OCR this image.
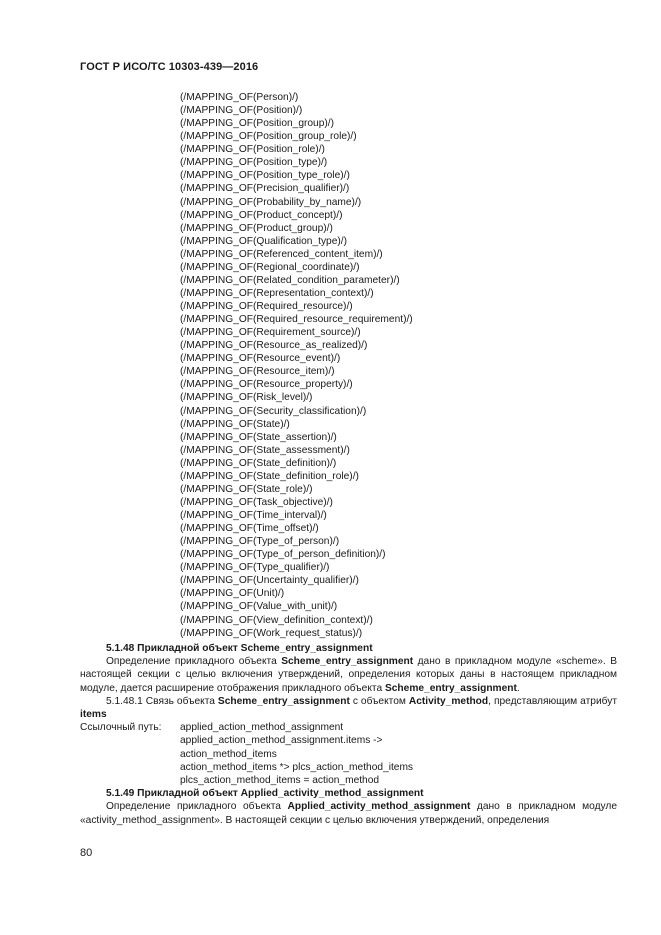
ГОСТ Р ИСО/ТС 10303-439—2016
(/MAPPING_OF(Person)/)
(/MAPPING_OF(Position)/)
(/MAPPING_OF(Position_group)/)
(/MAPPING_OF(Position_group_role)/)
(/MAPPING_OF(Position_role)/)
(/MAPPING_OF(Position_type)/)
(/MAPPING_OF(Position_type_role)/)
(/MAPPING_OF(Precision_qualifier)/)
(/MAPPING_OF(Probability_by_name)/)
(/MAPPING_OF(Product_concept)/)
(/MAPPING_OF(Product_group)/)
(/MAPPING_OF(Qualification_type)/)
(/MAPPING_OF(Referenced_content_item)/)
(/MAPPING_OF(Regional_coordinate)/)
(/MAPPING_OF(Related_condition_parameter)/)
(/MAPPING_OF(Representation_context)/)
(/MAPPING_OF(Required_resource)/)
(/MAPPING_OF(Required_resource_requirement)/)
(/MAPPING_OF(Requirement_source)/)
(/MAPPING_OF(Resource_as_realized)/)
(/MAPPING_OF(Resource_event)/)
(/MAPPING_OF(Resource_item)/)
(/MAPPING_OF(Resource_property)/)
(/MAPPING_OF(Risk_level)/)
(/MAPPING_OF(Security_classification)/)
(/MAPPING_OF(State)/)
(/MAPPING_OF(State_assertion)/)
(/MAPPING_OF(State_assessment)/)
(/MAPPING_OF(State_definition)/)
(/MAPPING_OF(State_definition_role)/)
(/MAPPING_OF(State_role)/)
(/MAPPING_OF(Task_objective)/)
(/MAPPING_OF(Time_interval)/)
(/MAPPING_OF(Time_offset)/)
(/MAPPING_OF(Type_of_person)/)
(/MAPPING_OF(Type_of_person_definition)/)
(/MAPPING_OF(Type_qualifier)/)
(/MAPPING_OF(Uncertainty_qualifier)/)
(/MAPPING_OF(Unit)/)
(/MAPPING_OF(Value_with_unit)/)
(/MAPPING_OF(View_definition_context)/)
(/MAPPING_OF(Work_request_status)/)

5.1.48 Прикладной объект Scheme_entry_assignment

Определение прикладного объекта Scheme_entry_assignment дано в прикладном модуле «scheme». В настоящей секции с целью включения утверждений, определения которых даны в настоящем прикладном модуле, дается расширение отображения прикладного объекта Scheme_entry_assignment.

5.1.48.1 Связь объекта Scheme_entry_assignment с объектом Activity_method, представляющим атрибут items

Ссылочный путь:	applied_action_method_assignment
applied_action_method_assignment.items ->
action_method_items
action_method_items *> plcs_action_method_items
plcs_action_method_items = action_method

5.1.49 Прикладной объект Applied_activity_method_assignment

Определение прикладного объекта Applied_activity_method_assignment дано в прикладном модуле «activity_method_assignment». В настоящей секции с целью включения утверждений, определения

80
